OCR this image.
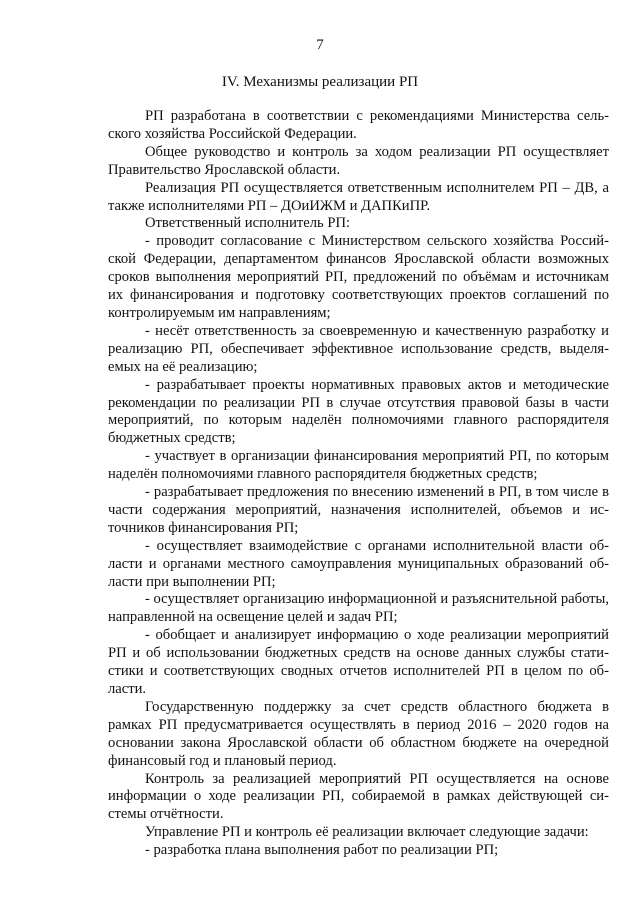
7
IV. Механизмы реализации РП

РП разработана в соответствии с рекомендациями Министерства сельского хозяйства Российской Федерации.

Общее руководство и контроль за ходом реализации РП осуществляет Правительство Ярославской области.

Реализация РП осуществляется ответственным исполнителем РП – ДВ, а также исполнителями РП – ДОиИЖМ и ДАПКиПР.

Ответственный исполнитель РП:

- проводит согласование с Министерством сельского хозяйства Российской Федерации, департаментом финансов Ярославской области возможных сроков выполнения мероприятий РП, предложений по объёмам и источникам их финансирования и подготовку соответствующих проектов соглашений по контролируемым им направлениям;

- несёт ответственность за своевременную и качественную разработку и реализацию РП, обеспечивает эффективное использование средств, выделяемых на её реализацию;

- разрабатывает проекты нормативных правовых актов и методические рекомендации по реализации РП в случае отсутствия правовой базы в части мероприятий, по которым наделён полномочиями главного распорядителя бюджетных средств;

- участвует в организации финансирования мероприятий РП, по которым наделён полномочиями главного распорядителя бюджетных средств;

- разрабатывает предложения по внесению изменений в РП, в том числе в части содержания мероприятий, назначения исполнителей, объемов и источников финансирования РП;

- осуществляет взаимодействие с органами исполнительной власти области и органами местного самоуправления муниципальных образований области при выполнении РП;

- осуществляет организацию информационной и разъяснительной работы, направленной на освещение целей и задач РП;

- обобщает и анализирует информацию о ходе реализации мероприятий РП и об использовании бюджетных средств на основе данных службы статистики и соответствующих сводных отчетов исполнителей РП в целом по области.

Государственную поддержку за счет средств областного бюджета в рамках РП предусматривается осуществлять в период 2016 – 2020 годов на основании закона Ярославской области об областном бюджете на очередной финансовый год и плановый период.

Контроль за реализацией мероприятий РП осуществляется на основе информации о ходе реализации РП, собираемой в рамках действующей системы отчётности.

Управление РП и контроль её реализации включает следующие задачи:

- разработка плана выполнения работ по реализации РП;
